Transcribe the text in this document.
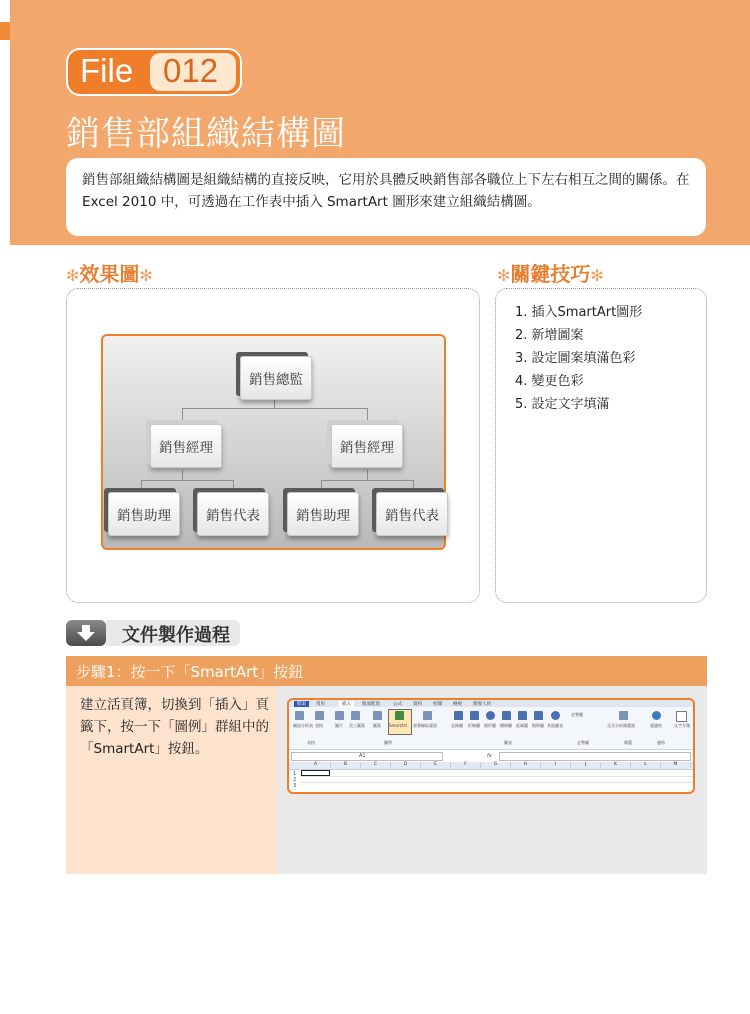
File 012
銷售部組織結構圖
銷售部組織結構圖是組織結構的直接反映，它用於具體反映銷售部各職位上下左右相互之間的關係。在 Excel 2010 中，可透過在工作表中插入 SmartArt 圖形來建立組織結構圖。
✻效果圖✻
銷售總監
銷售經理	銷售經理
銷售助理	銷售代表	銷售助理	銷售代表
✻關鍵技巧✻
1. 插入SmartArt圖形
2. 新增圖案
3. 設定圖案填滿色彩
4. 變更色彩
5. 設定文字填滿
文件製作過程
步驟1：按一下「SmartArt」按鈕
建立活頁簿，切換到「插入」頁籤下，按一下「圖例」群組中的「SmartArt」按鈕。
檔案	常用	插入	版面配置	公式 資料 校閱 檢視 開發人員
樞紐分析表 表格	圖片 美工圖案 圖案 SmartArt 螢幕擷取畫面	直條圖 折線圖 圓形圖 橫條圖 區域圖 散佈圖 其他圖表
走勢圖
交叉分析篩選器	超連結	文字方塊
表格	圖例	圖表	走勢圖	篩選	連結
A1	fx
A	B	C	D	E	F	G	H	I	J	K	L	M
1
2
3
